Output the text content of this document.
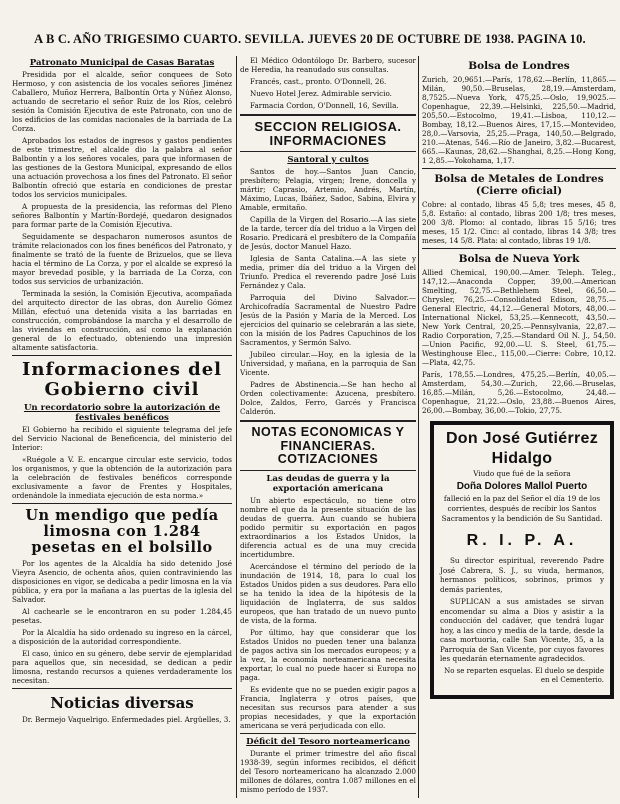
A B C. AÑO TRIGESIMO CUARTO. SEVILLA. JUEVES 20 DE OCTUBRE DE 1938. PAGINA 10.
Patronato Municipal de Casas Baratas

Presidida por el alcalde, señor conquees de Soto Hermoso, y con asistencia de los vocales señores Jiménez Caballero, Muñoz Herrera, Balbontín Orta y Núñez Alonso, actuando de secretario el señor Ruiz de los Ríos, celebró sesión la Comisión Ejecutiva de este Patronato, con uno de los edificios de las comidas nacionales de la barriada de La Corza.

Aprobados los estados de ingresos y gastos pendientes de este trimestre, el alcalde dio la palabra al señor Balbontín y a los señores vocales, para que informasen de las gestiones de la Gestora Municipal, expresando de ellos una actuación provechosa a los fines del Patronato. El señor Balbontín ofreció que estaría en condiciones de prestar todos los servicios municipales.

A propuesta de la presidencia, las reformas del Pleno señores Balbontín y Martín-Bordejé, quedaron designados para formar parte de la Comisión Ejecutiva.

Seguidamente se despacharon numerosos asuntos de trámite relacionados con los fines benéficos del Patronato, y finalmente se trató de la fuente de Brizuelos, que se lleva hacia el término de La Corza, y por el alcalde se expresó la mayor brevedad posible, y la barriada de La Corza, con todos sus servicios de urbanización.

Terminada la sesión, la Comisión Ejecutiva, acompañada del arquitecto director de las obras, don Aurelio Gómez Millán, efectuó una detenida visita a las barriadas en construcción, comprobándose la marcha y el desarrollo de las viviendas en construcción, así como la explanación general de lo efectuado, obteniendo una impresión altamente satisfactoria.

Informaciones del Gobierno civil
Un recordatorio sobre la autorización de festivales benéficos

El Gobierno ha recibido el siguiente telegrama del jefe del Servicio Nacional de Beneficencia, del ministerio del Interior:

«Ruégole a V. E. encargue circular este servicio, todos los organismos, y que la obtención de la autorización para la celebración de festivales benéficos corresponde exclusivamente a favor de Frentes y Hospitales, ordenándole la inmediata ejecución de esta norma.»

Un mendigo que pedía limosna con 1.284 pesetas en el bolsillo

Por los agentes de la Alcaldía ha sido detenido José Vieyra Asencio, de ochenta años, quien contraviniendo las disposiciones en vigor, se dedicaba a pedir limosna en la vía pública, y era por la mañana a las puertas de la iglesia del Salvador.

Al cachearle se le encontraron en su poder 1.284,45 pesetas.

Por la Alcaldía ha sido ordenado su ingreso en la cárcel, a disposición de la autoridad correspondiente.

El caso, único en su género, debe servir de ejemplaridad para aquellos que, sin necesidad, se dedican a pedir limosna, restando recursos a quienes verdaderamente los necesitan.

Noticias diversas

Dr. Bermejo Vaquelrigo. Enfermedades piel. Argüelles, 3.

El Médico Odontólogo Dr. Barbero, sucesor de Heredia, ha reanudado sus consultas.

Francés, cast., pronto. O'Donnell, 26.

Nuevo Hotel Jerez. Admirable servicio.

Farmacia Cordon, O'Donnell, 16, Sevilla.

SECCION RELIGIOSA. INFORMACIONES
Santoral y cultos

Santos de hoy.—Santos Juan Cancio, presbítero; Pelagia, virgen; Irene, doncella y mártir; Caprasio, Artemio, Andrés, Martín, Máximo, Lucas, Ibáñez, Sadoc, Sabina, Elvira y Amable, ermitaño.

Capilla de la Virgen del Rosario.—A las siete de la tarde, tercer día del triduo a la Virgen del Rosario. Predicará el presbítero de la Compañía de Jesús, doctor Manuel Hazo.

Iglesia de Santa Catalina.—A las siete y media, primer día del triduo a la Virgen del Triunfo. Predica el reverendo padre José Luis Fernández y Cala.

Parroquia del Divino Salvador.—Archicofradía Sacramental de Nuestro Padre Jesús de la Pasión y María de la Merced. Los ejercicios del quinario se celebrarán a las siete, con la misión de los Padres Capuchinos de los Sacramentos, y Sermón Salvo.

Jubileo circular.—Hoy, en la iglesia de la Universidad, y mañana, en la parroquia de San Vicente.

Padres de Abstinencia.—Se han hecho al Orden colectivamente: Azucena, presbítero. Dolce, Zaldos, Ferro, Garcés y Francisca Calderón.

NOTAS ECONOMICAS Y FINANCIERAS. COTIZACIONES
Las deudas de guerra y la exportación americana

Un abierto espectáculo, no tiene otro nombre el que da la presente situación de las deudas de guerra. Aun cuando se hubiera podido permitir su exportación en pagos extraordinarios a los Estados Unidos, la diferencia actual es de una muy crecida incertidumbre.

Acercándose el término del período de la inundación de 1914, 18, para lo cual los Estados Unidos piden a sus deudores. Para ello se ha tenido la idea de la hipótesis de la liquidación de Inglaterra, de sus saldos europeos, que han tratado de un nuevo punto de vista, de la forma.

Por último, hay que considerar que los Estados Unidos no pueden tener una balanza de pagos activa sin los mercados europeos; y a la vez, la economía norteamericana necesita exportar, lo cual no puede hacer si Europa no paga.

Es evidente que no se pueden exigir pagos a Francia, Inglaterra y otros países, que necesitan sus recursos para atender a sus propias necesidades, y que la exportación americana se verá perjudicada con ello.

Déficit del Tesoro norteamericano

Durante el primer trimestre del año fiscal 1938-39, según informes recibidos, el déficit del Tesoro norteamericano ha alcanzado 2.000 millones de dólares, contra 1.087 millones en el mismo período de 1937.

Bolsa de Londres

Zurich, 20,9651.—París, 178,62.—Berlín, 11,865.—Milán, 90,50.—Bruselas, 28,19.—Amsterdam, 8,7525.—Nueva York, 475,25.—Oslo, 19,9025.—Copenhague, 22,39.—Helsinki, 225,50.—Madrid, 205,50.—Estocolmo, 19,41.—Lisboa, 110,12.—Bombay, 18,12.—Buenos Aires, 17,15.—Montevideo, 28,0.—Varsovia, 25,25.—Praga, 140,50.—Belgrado, 210.—Atenas, 546.—Río de Janeiro, 3,82.—Bucarest, 665.—Kaunas, 28,62.—Shanghai, 8,25.—Hong Kong, 1 2,85.—Yokohama, 1,17.

Bolsa de Metales de Londres (Cierre oficial)

Cobre: al contado, libras 45 5,8; tres meses, 45 8, 5,8. Estaño: al contado, libras 200 1/8; tres meses, 200 3/8. Plomo: al contado, libras 15 5/16; tres meses, 15 1/2. Cinc: al contado, libras 14 3/8; tres meses, 14 5/8. Plata: al contado, libras 19 1/8.

Bolsa de Nueva York

Allied Chemical, 190,00.—Amer. Teleph. Teleg., 147,12.—Anaconda Copper, 39,00.—American Smelting, 52,75.—Bethlehem Steel, 66,50.—Chrysler, 76,25.—Consolidated Edison, 28,75.—General Electric, 44,12.—General Motors, 48,00.—International Nickel, 53,25.—Kennecott, 43,50.—New York Central, 20,25.—Pennsylvania, 22,87.—Radio Corporation, 7,25.—Standard Oil N. J., 54,50.—Union Pacific, 92,00.—U. S. Steel, 61,75.—Westinghouse Elec., 115,00.—Cierre: Cobre, 10,12.—Plata, 42,75.

París, 178,55.—Londres, 475,25.—Berlín, 40,05.—Amsterdam, 54,30.—Zurich, 22,66.—Bruselas, 16,85.—Milán, 5,26.—Estocolmo, 24,48.—Copenhague, 21,22.—Oslo, 23,88.—Buenos Aires, 26,00.—Bombay, 36,00.—Tokio, 27,75.

Don José Gutiérrez Hidalgo
Viudo que fué de la señora
Doña Dolores Mallol Puerto
falleció en la paz del Señor el día 19 de los corrientes, después de recibir los Santos Sacramentos y la bendición de Su Santidad.
R. I. P. A.

Su director espiritual, reverendo Padre José Cabrera, S. J., su viuda, hermanos, hermanos políticos, sobrinos, primos y demás parientes,

SUPLICAN a sus amistades se sirvan encomendar su alma a Dios y asistir a la conducción del cadáver, que tendrá lugar hoy, a las cinco y media de la tarde, desde la casa mortuoria, calle San Vicente, 35, a la Parroquia de San Vicente, por cuyos favores les quedarán eternamente agradecidos.

No se reparten esquelas. El duelo se despide en el Cementerio.
